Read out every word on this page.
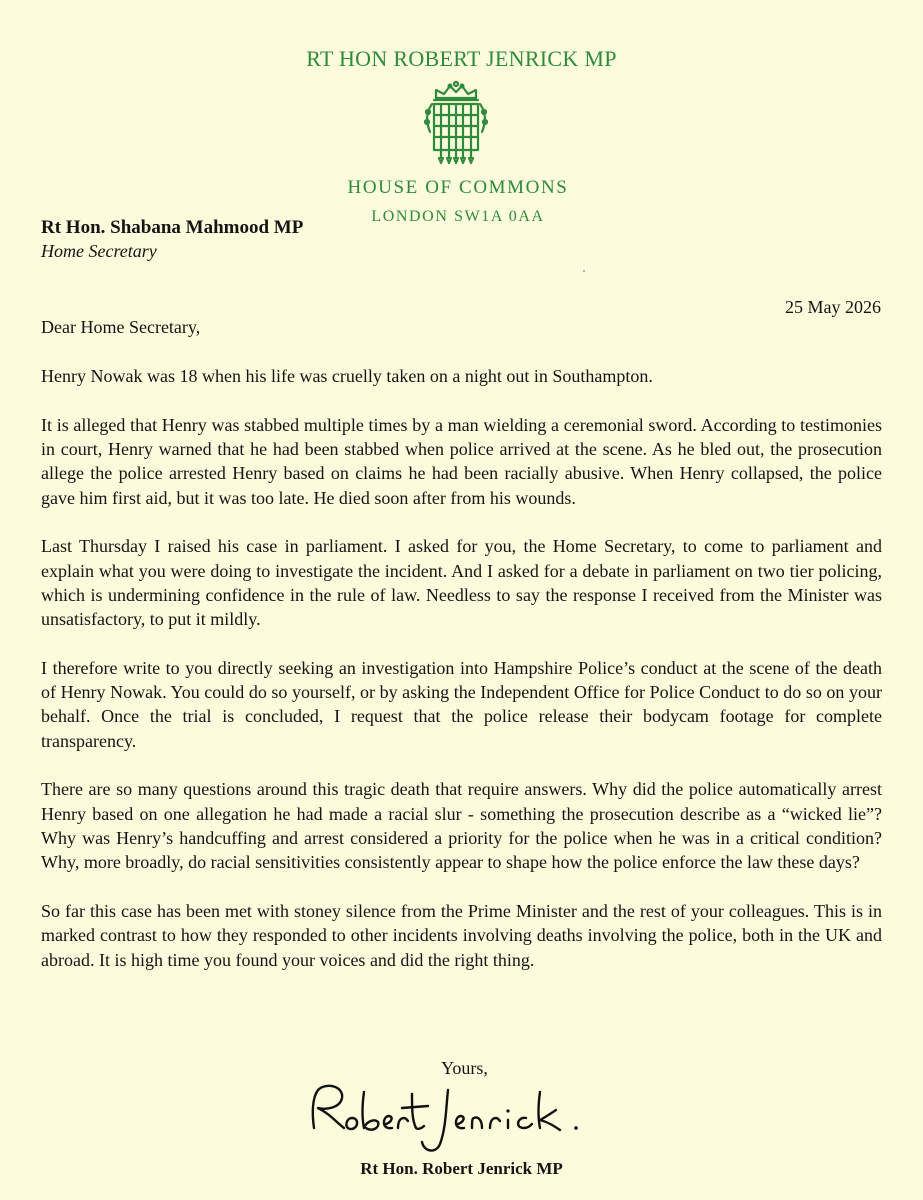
RT HON ROBERT JENRICK MP
HOUSE OF COMMONS
LONDON SW1A 0AA
Rt Hon. Shabana Mahmood MP
Home Secretary
25 May 2026
Dear Home Secretary,

Henry Nowak was 18 when his life was cruelly taken on a night out in Southampton.

It is alleged that Henry was stabbed multiple times by a man wielding a ceremonial sword. According to testimonies in court, Henry warned that he had been stabbed when police arrived at the scene. As he bled out, the prosecution allege the police arrested Henry based on claims he had been racially abusive. When Henry collapsed, the police gave him first aid, but it was too late. He died soon after from his wounds.

Last Thursday I raised his case in parliament. I asked for you, the Home Secretary, to come to parliament and explain what you were doing to investigate the incident. And I asked for a debate in parliament on two tier policing, which is undermining confidence in the rule of law. Needless to say the response I received from the Minister was unsatisfactory, to put it mildly.

I therefore write to you directly seeking an investigation into Hampshire Police’s conduct at the scene of the death of Henry Nowak. You could do so yourself, or by asking the Independent Office for Police Conduct to do so on your behalf. Once the trial is concluded, I request that the police release their bodycam footage for complete transparency.

There are so many questions around this tragic death that require answers. Why did the police automatically arrest Henry based on one allegation he had made a racial slur - something the prosecution describe as a “wicked lie”? Why was Henry’s handcuffing and arrest considered a priority for the police when he was in a critical condition? Why, more broadly, do racial sensitivities consistently appear to shape how the police enforce the law these days?

So far this case has been met with stoney silence from the Prime Minister and the rest of your colleagues. This is in marked contrast to how they responded to other incidents involving deaths involving the police, both in the UK and abroad. It is high time you found your voices and did the right thing.

Yours,
Rt Hon. Robert Jenrick MP
